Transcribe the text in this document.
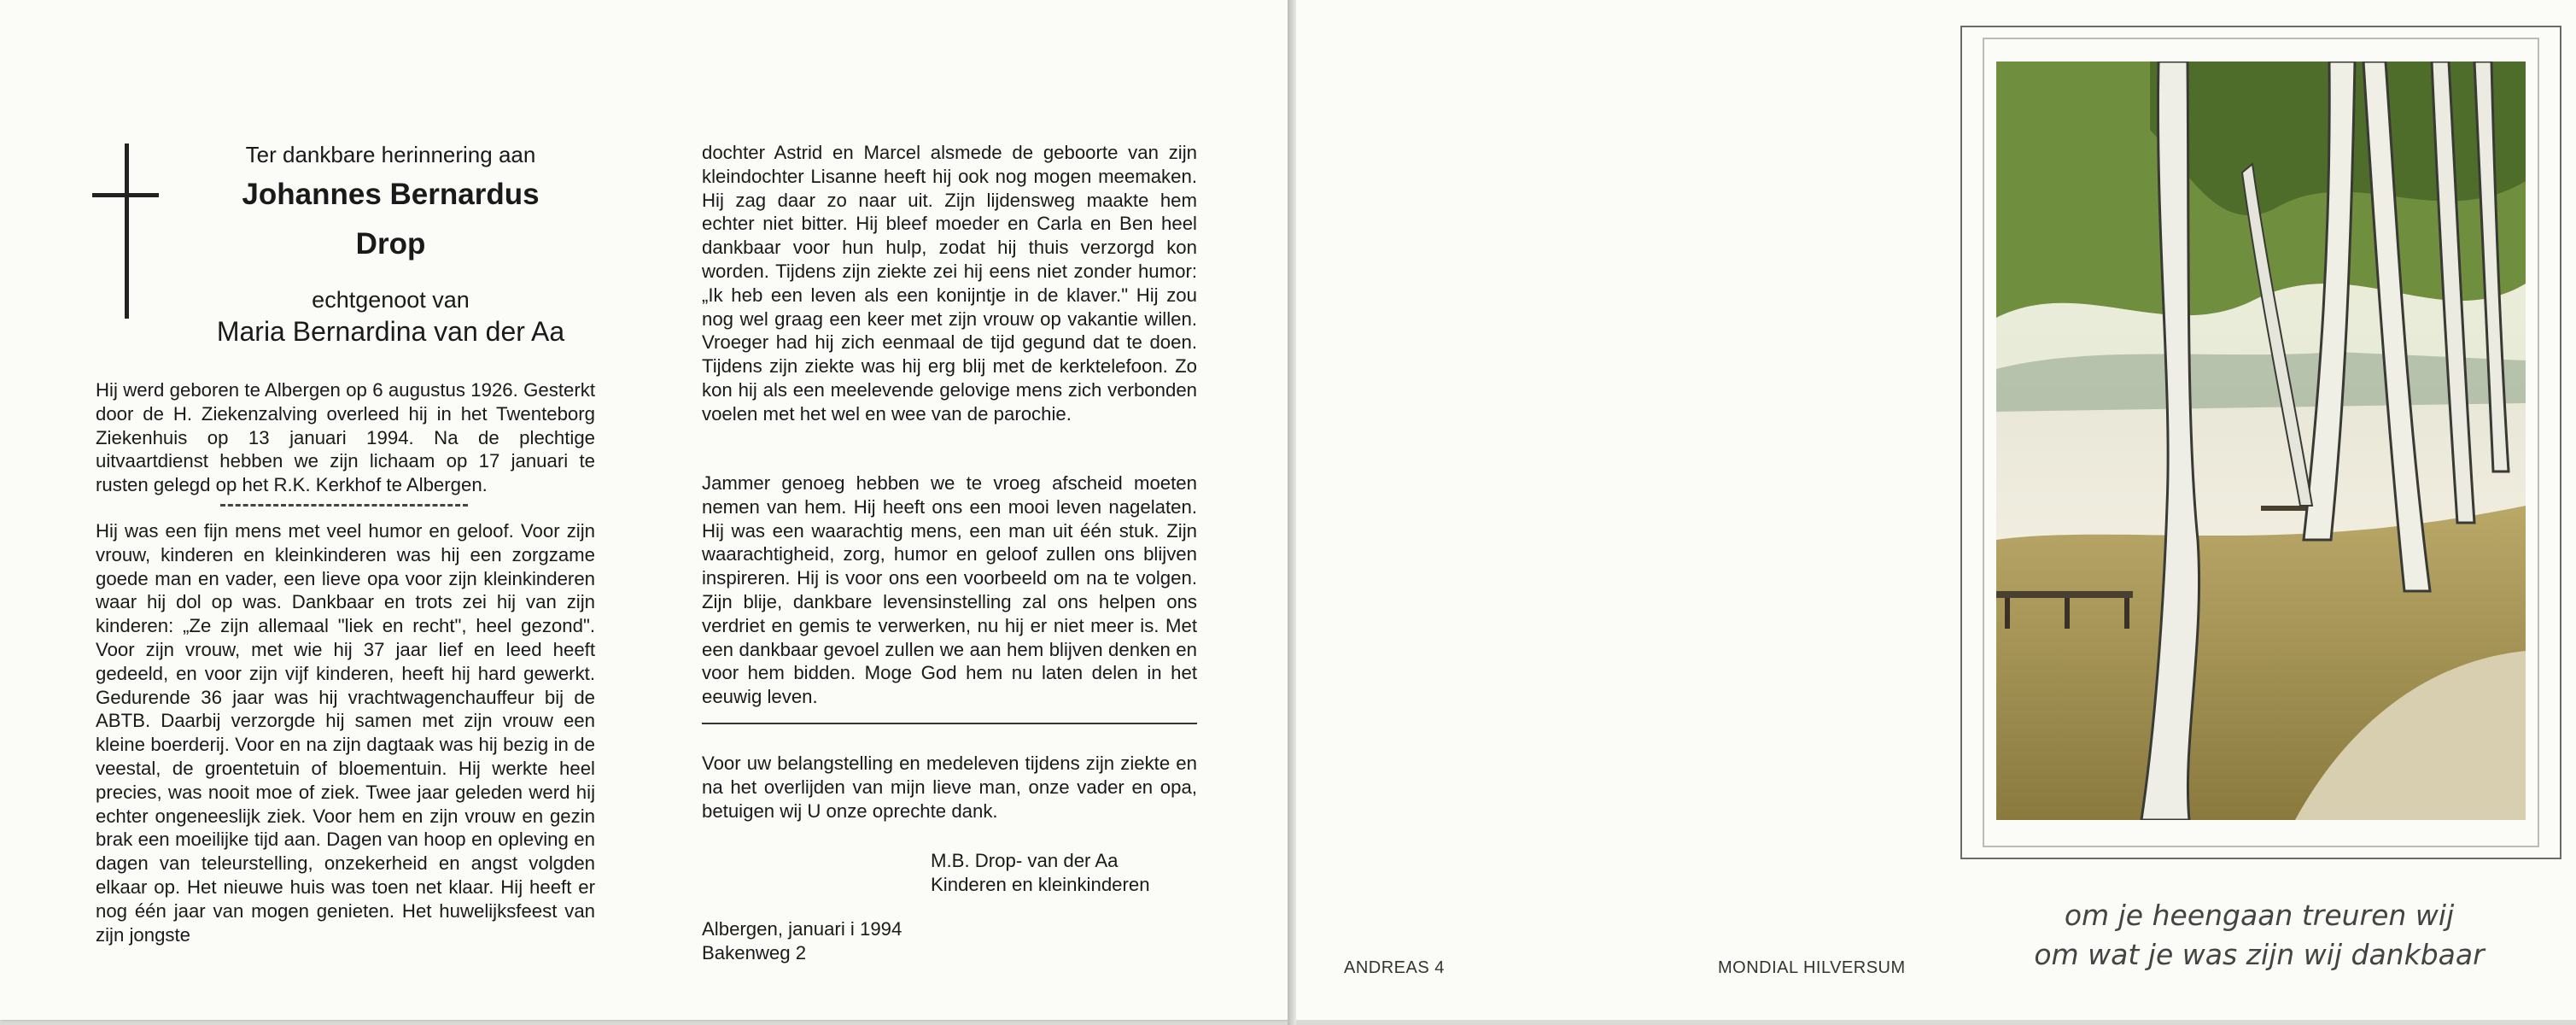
Ter dankbare herinnering aan
Johannes Bernardus
Drop
echtgenoot van
Maria Bernardina van der Aa
Hij werd geboren te Albergen op 6 augustus 1926. Gesterkt door de H. Ziekenzalving overleed hij in het Twenteborg Ziekenhuis op 13 januari 1994. Na de plechtige uitvaartdienst hebben we zijn lichaam op 17 januari te rusten gelegd op het R.K. Kerkhof te Albergen.
Hij was een fijn mens met veel humor en geloof. Voor zijn vrouw, kinderen en kleinkinderen was hij een zorgzame goede man en vader, een lieve opa voor zijn kleinkinderen waar hij dol op was. Dankbaar en trots zei hij van zijn kinderen: „Ze zijn allemaal "liek en recht", heel gezond". Voor zijn vrouw, met wie hij 37 jaar lief en leed heeft gedeeld, en voor zijn vijf kinderen, heeft hij hard gewerkt. Gedurende 36 jaar was hij vrachtwagenchauffeur bij de ABTB. Daarbij verzorgde hij samen met zijn vrouw een kleine boerderij. Voor en na zijn dagtaak was hij bezig in de veestal, de groentetuin of bloementuin. Hij werkte heel precies, was nooit moe of ziek. Twee jaar geleden werd hij echter ongeneeslijk ziek. Voor hem en zijn vrouw en gezin brak een moeilijke tijd aan. Dagen van hoop en opleving en dagen van teleurstelling, onzekerheid en angst volgden elkaar op. Het nieuwe huis was toen net klaar. Hij heeft er nog één jaar van mogen genieten. Het huwelijksfeest van zijn jongste
dochter Astrid en Marcel alsmede de geboorte van zijn kleindochter Lisanne heeft hij ook nog mogen meemaken. Hij zag daar zo naar uit. Zijn lijdensweg maakte hem echter niet bitter. Hij bleef moeder en Carla en Ben heel dankbaar voor hun hulp, zodat hij thuis verzorgd kon worden. Tijdens zijn ziekte zei hij eens niet zonder humor: „Ik heb een leven als een konijntje in de klaver." Hij zou nog wel graag een keer met zijn vrouw op vakantie willen. Vroeger had hij zich eenmaal de tijd gegund dat te doen. Tijdens zijn ziekte was hij erg blij met de kerktelefoon. Zo kon hij als een meelevende gelovige mens zich verbonden voelen met het wel en wee van de parochie.
Jammer genoeg hebben we te vroeg afscheid moeten nemen van hem. Hij heeft ons een mooi leven nagelaten. Hij was een waarachtig mens, een man uit één stuk. Zijn waarachtigheid, zorg, humor en geloof zullen ons blijven inspireren. Hij is voor ons een voorbeeld om na te volgen. Zijn blije, dankbare levensinstelling zal ons helpen ons verdriet en gemis te verwerken, nu hij er niet meer is. Met een dankbaar gevoel zullen we aan hem blijven denken en voor hem bidden. Moge God hem nu laten delen in het eeuwig leven.
Voor uw belangstelling en medeleven tijdens zijn ziekte en na het overlijden van mijn lieve man, onze vader en opa, betuigen wij U onze oprechte dank.
M.B. Drop- van der Aa
Kinderen en kleinkinderen
Albergen, januari i 1994
Bakenweg 2
ANDREAS 4	MONDIAL HILVERSUM
om je heengaan treuren wij
om wat je was zijn wij dankbaar
